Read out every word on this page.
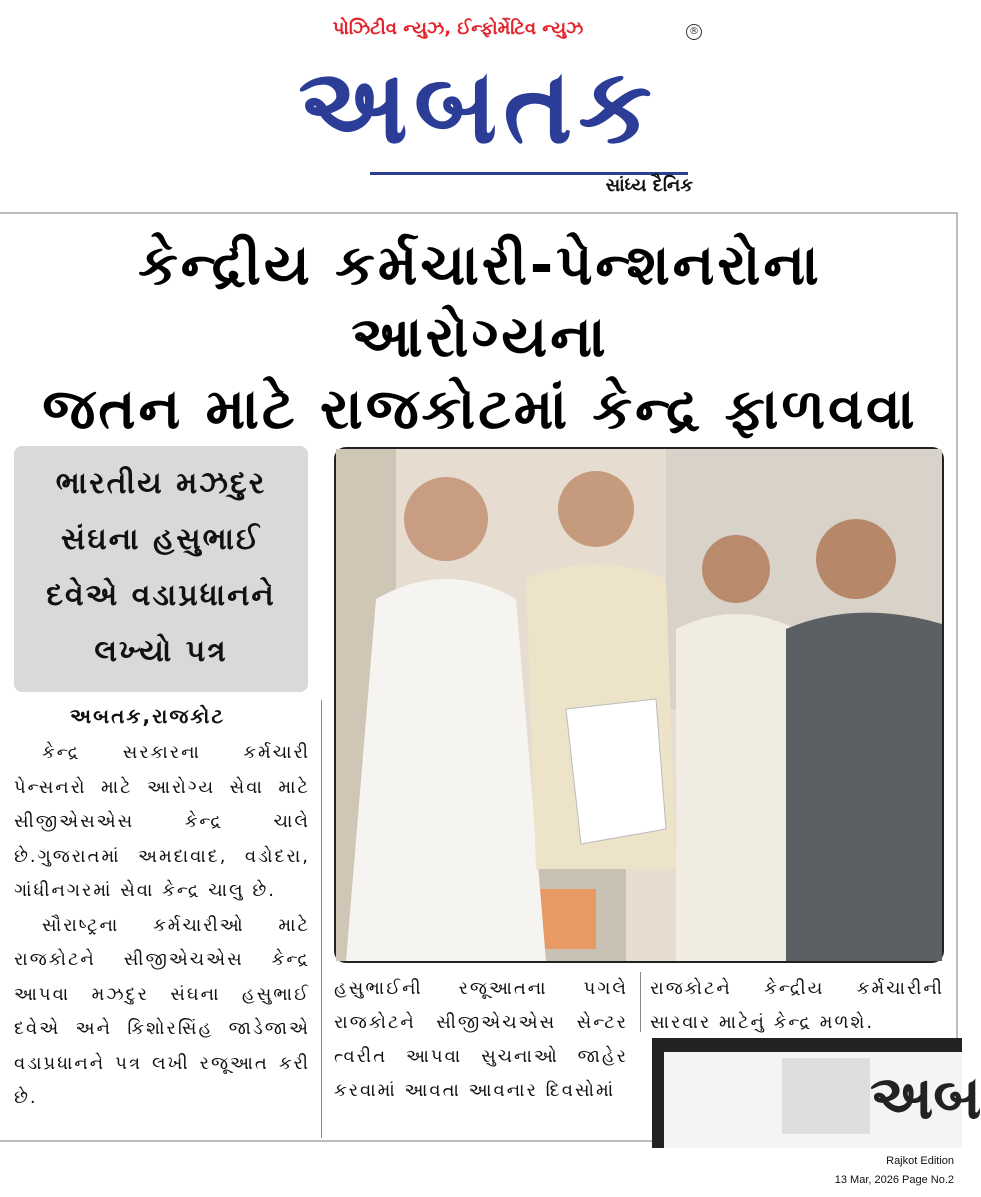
પોઝિટીવ ન્યુઝ, ઈન્ફોર્મેટિવ ન્યુઝ	®
અબતક
સાંધ્ય દૈનિક
કેન્દ્રીય કર્મચારી-પેન્શનરોના આરોગ્યના
જતન માટે રાજકોટમાં કેન્દ્ર ફાળવવા
ભારતીય મઝદુર
સંઘના હસુભાઈ
દવેએ વડાપ્રધાનને
લખ્યો પત્ર
અબતક,રાજકોટ

કેન્દ્ર સરકારના કર્મચારી પેન્સનરો માટે આરોગ્ય સેવા માટે સીજીએસએસ કેન્દ્ર ચાલે છે.ગુજરાતમાં અમદાવાદ, વડોદરા, ગાંધીનગરમાં સેવા કેન્દ્ર ચાલુ છે.

સૌરાષ્ટ્રના કર્મચારીઓ માટે રાજકોટને સીજીએચએસ કેન્દ્ર આપવા મઝદુર સંઘના હસુભાઈ દવેએ અને કિશોરસિંહ જાડેજાએ વડાપ્રધાનને પત્ર લખી રજૂઆત કરી છે.

હસુભાઈની રજૂઆતના પગલે રાજકોટને સીજીએચએસ સેન્ટર ત્વરીત આપવા સુચનાઓ જાહેર કરવામાં આવતા આવનાર દિવસોમાં
રાજકોટને કેન્દ્રીય કર્મચારીની સારવાર માટેનું કેન્દ્ર મળશે.
અબ
Rajkot Edition
13 Mar, 2026 Page No.2
